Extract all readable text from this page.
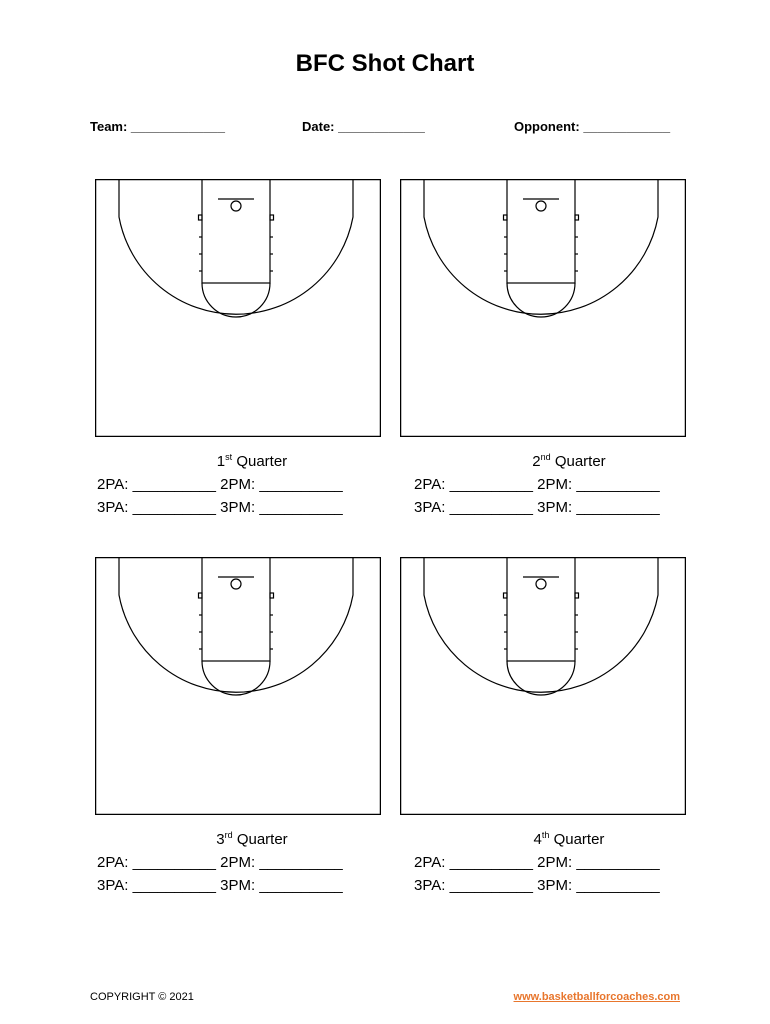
BFC Shot Chart
Team: _____________	Date: ____________	Opponent: ____________
1st Quarter
2PA: __________ 2PM: __________
3PA: __________ 3PM: __________
2nd Quarter
2PA: __________ 2PM: __________
3PA: __________ 3PM: __________
3rd Quarter
2PA: __________ 2PM: __________
3PA: __________ 3PM: __________
4th Quarter
2PA: __________ 2PM: __________
3PA: __________ 3PM: __________
COPYRIGHT © 2021	www.basketballforcoaches.com
